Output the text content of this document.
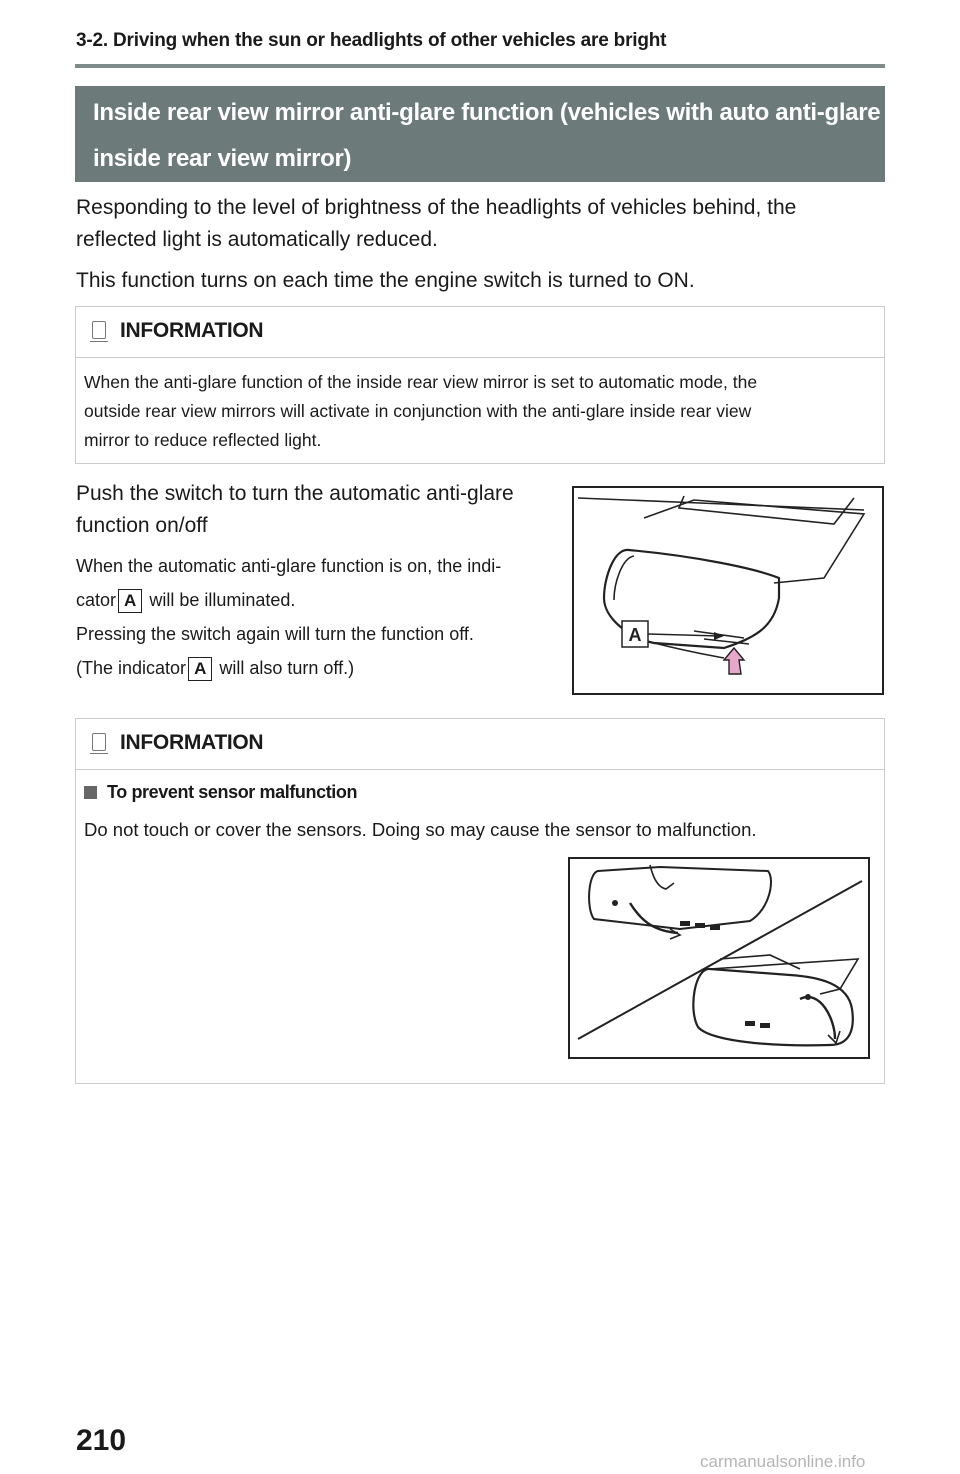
3-2. Driving when the sun or headlights of other vehicles are bright
Inside rear view mirror anti-glare function (vehicles with auto anti-glare
inside rear view mirror)
Responding to the level of brightness of the headlights of vehicles behind, the
reflected light is automatically reduced.
This function turns on each time the engine switch is turned to ON.
INFORMATION
When the anti-glare function of the inside rear view mirror is set to automatic mode, the
outside rear view mirrors will activate in conjunction with the anti-glare inside rear view
mirror to reduce reflected light.
Push the switch to turn the automatic anti-glare
function on/off
When the automatic anti-glare function is on, the indi-
cator A will be illuminated.
Pressing the switch again will turn the function off.
(The indicator A will also turn off.)
A
INFORMATION
To prevent sensor malfunction
Do not touch or cover the sensors. Doing so may cause the sensor to malfunction.
210
carmanualsonline.info
